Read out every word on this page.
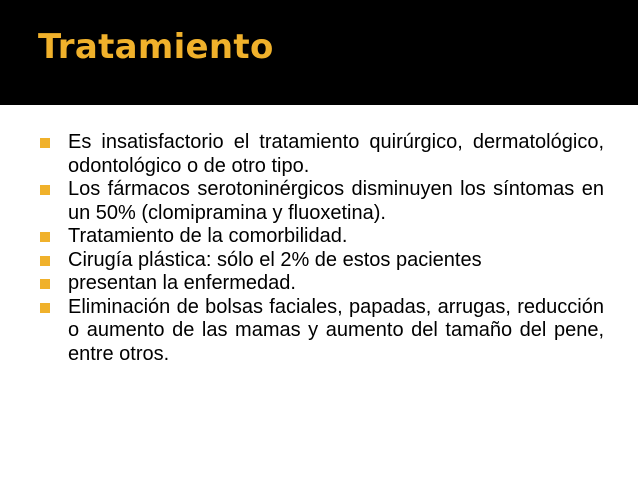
Tratamiento
Es insatisfactorio el tratamiento quirúrgico, dermatológico, odontológico o de otro tipo.
Los fármacos serotoninérgicos disminuyen los síntomas en un 50% (clomipramina y fluoxetina).
Tratamiento de la comorbilidad.
Cirugía plástica: sólo el 2% de estos pacientes
presentan la enfermedad.
Eliminación de bolsas faciales, papadas, arrugas, reducción o aumento de las mamas y aumento del tamaño del pene, entre otros.
